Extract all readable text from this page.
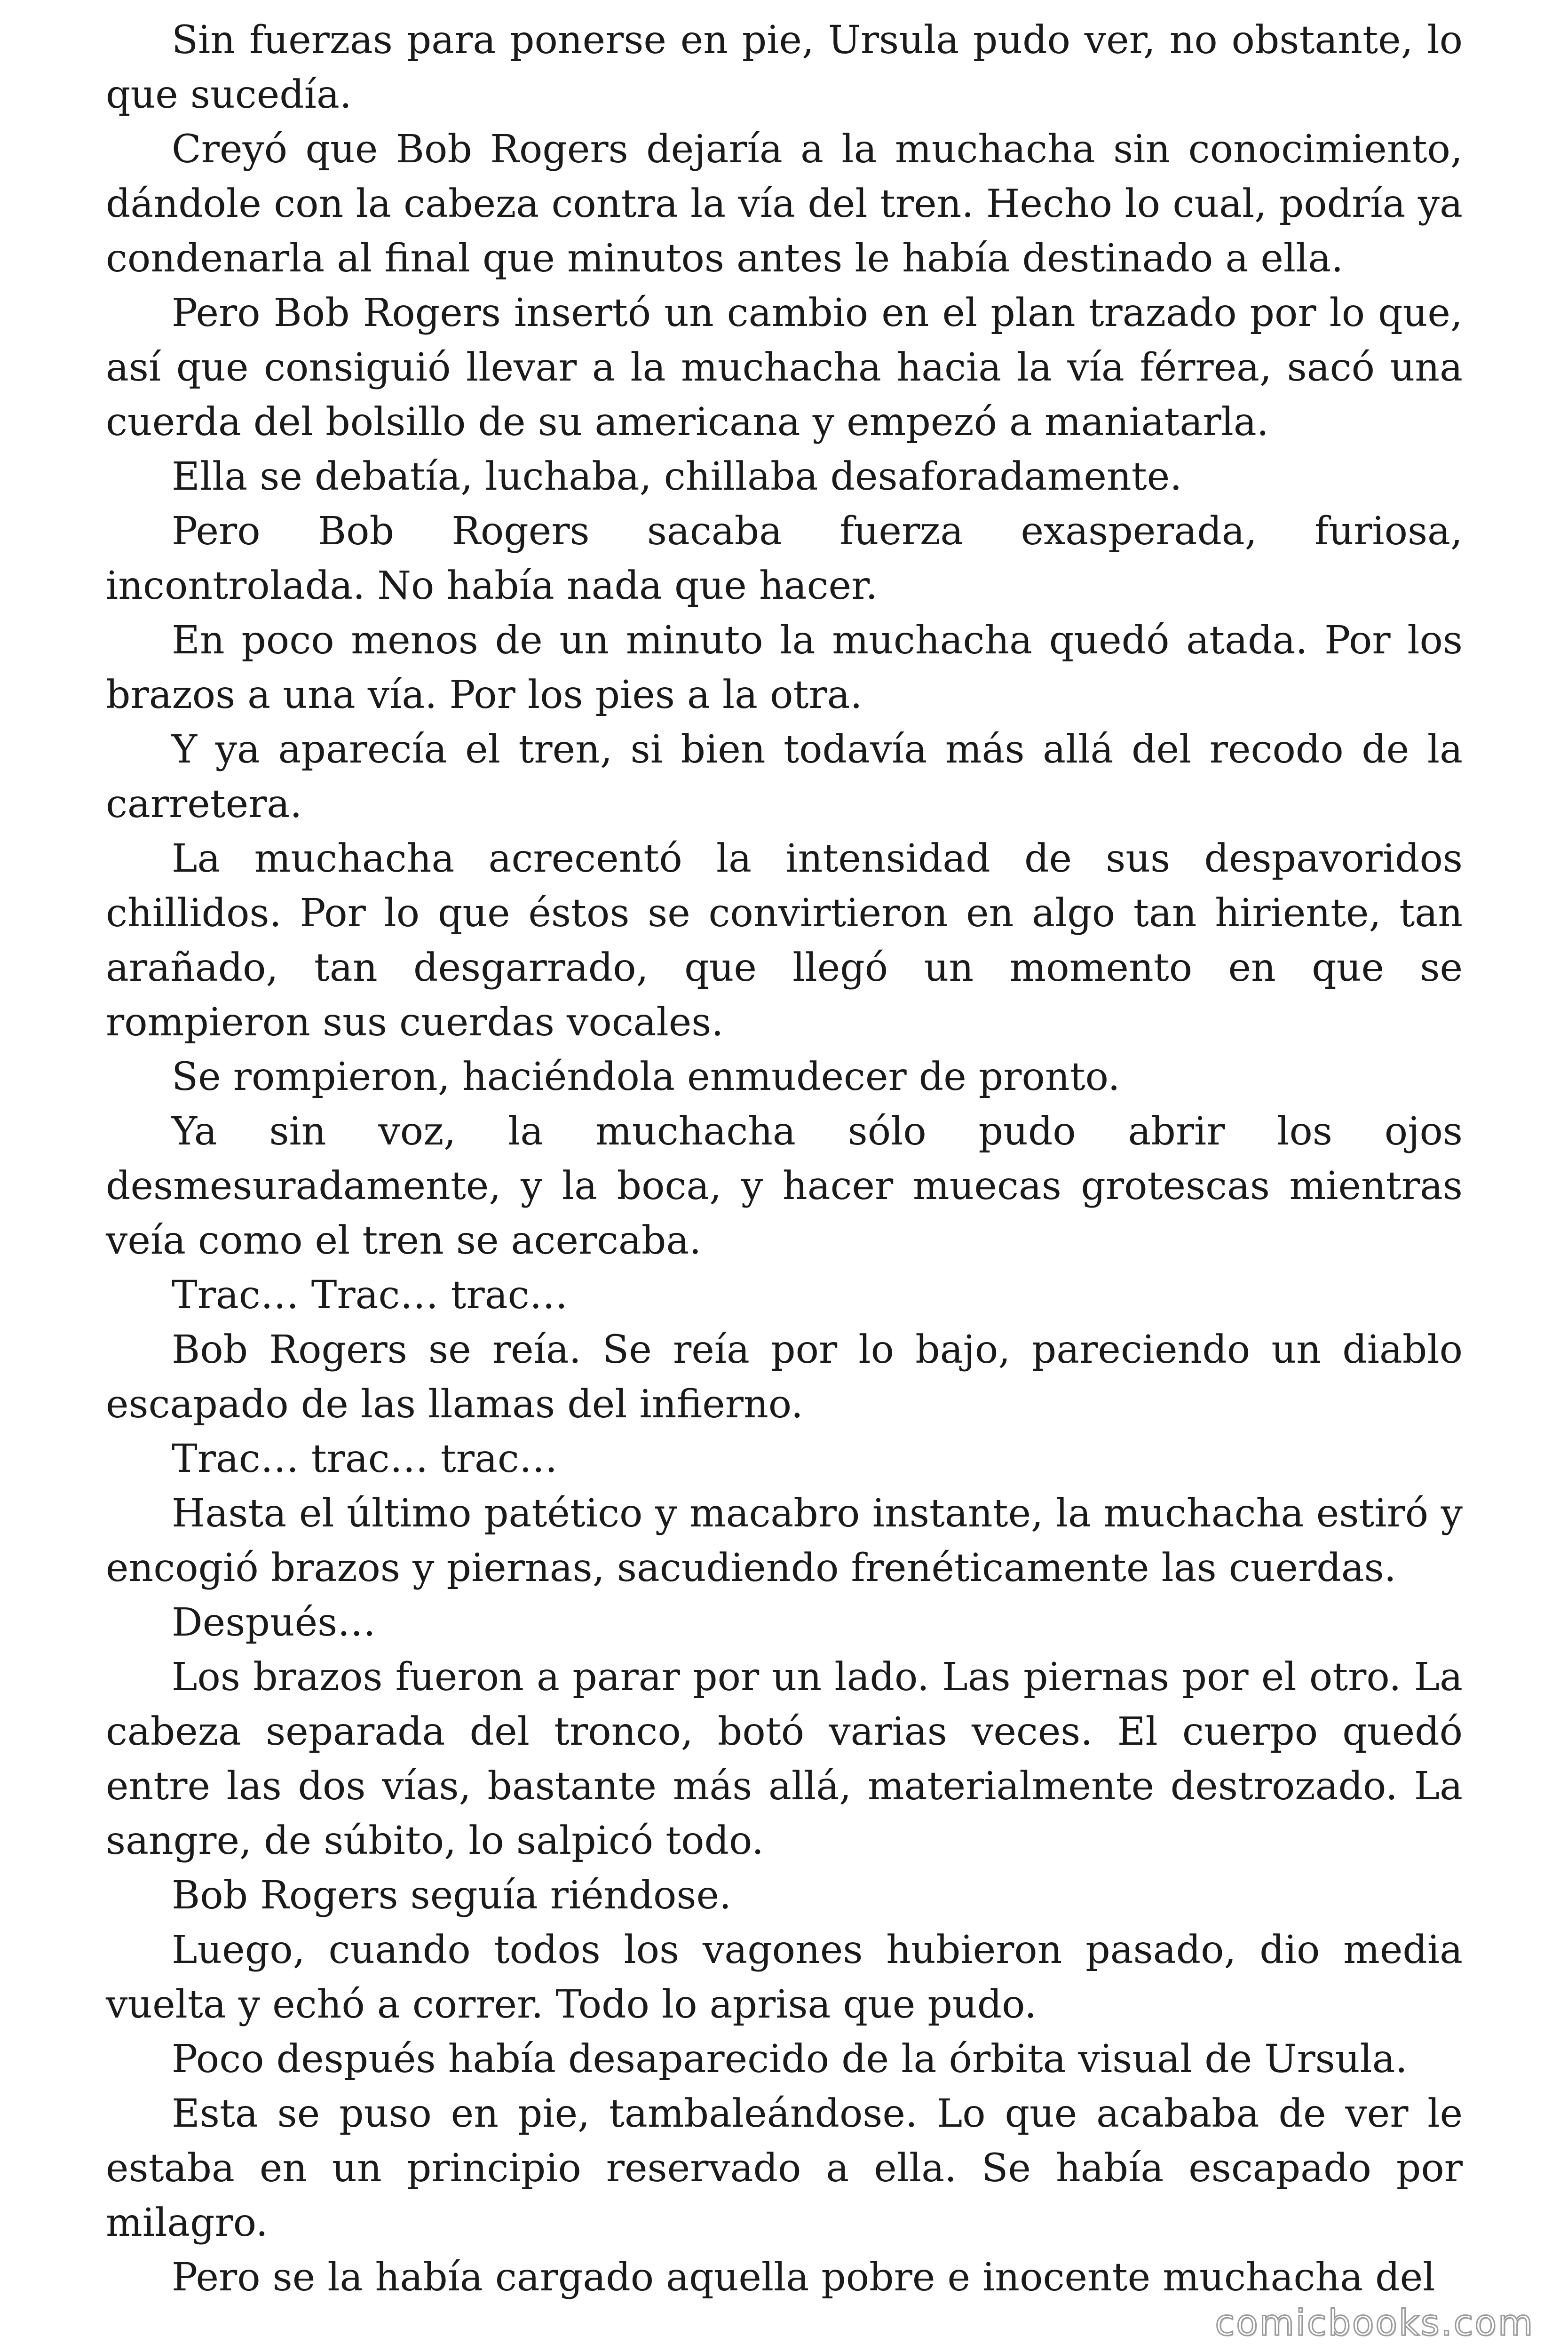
Sin fuerzas para ponerse en pie, Ursula pudo ver, no obstante, lo que sucedía.

Creyó que Bob Rogers dejaría a la muchacha sin conocimiento, dándole con la cabeza contra la vía del tren. Hecho lo cual, podría ya condenarla al final que minutos antes le había destinado a ella.

Pero Bob Rogers insertó un cambio en el plan trazado por lo que, así que consiguió llevar a la muchacha hacia la vía férrea, sacó una cuerda del bolsillo de su americana y empezó a maniatarla.

Ella se debatía, luchaba, chillaba desaforadamente.

Pero Bob Rogers sacaba fuerza exasperada, furiosa, incontrolada. No había nada que hacer.

En poco menos de un minuto la muchacha quedó atada. Por los brazos a una vía. Por los pies a la otra.

Y ya aparecía el tren, si bien todavía más allá del recodo de la carretera.

La muchacha acrecentó la intensidad de sus despavoridos chillidos. Por lo que éstos se convirtieron en algo tan hiriente, tan arañado, tan desgarrado, que llegó un momento en que se rompieron sus cuerdas vocales.

Se rompieron, haciéndola enmudecer de pronto.

Ya sin voz, la muchacha sólo pudo abrir los ojos desmesuradamente, y la boca, y hacer muecas grotescas mientras veía como el tren se acercaba.

Trac… Trac… trac…

Bob Rogers se reía. Se reía por lo bajo, pareciendo un diablo escapado de las llamas del infierno.

Trac… trac… trac…

Hasta el último patético y macabro instante, la muchacha estiró y encogió brazos y piernas, sacudiendo frenéticamente las cuerdas.

Después…

Los brazos fueron a parar por un lado. Las piernas por el otro. La cabeza separada del tronco, botó varias veces. El cuerpo quedó entre las dos vías, bastante más allá, materialmente destrozado. La sangre, de súbito, lo salpicó todo.

Bob Rogers seguía riéndose.

Luego, cuando todos los vagones hubieron pasado, dio media vuelta y echó a correr. Todo lo aprisa que pudo.

Poco después había desaparecido de la órbita visual de Ursula.

Esta se puso en pie, tambaleándose. Lo que acababa de ver le estaba en un principio reservado a ella. Se había escapado por milagro.

Pero se la había cargado aquella pobre e inocente muchacha del

comicbooks.com
